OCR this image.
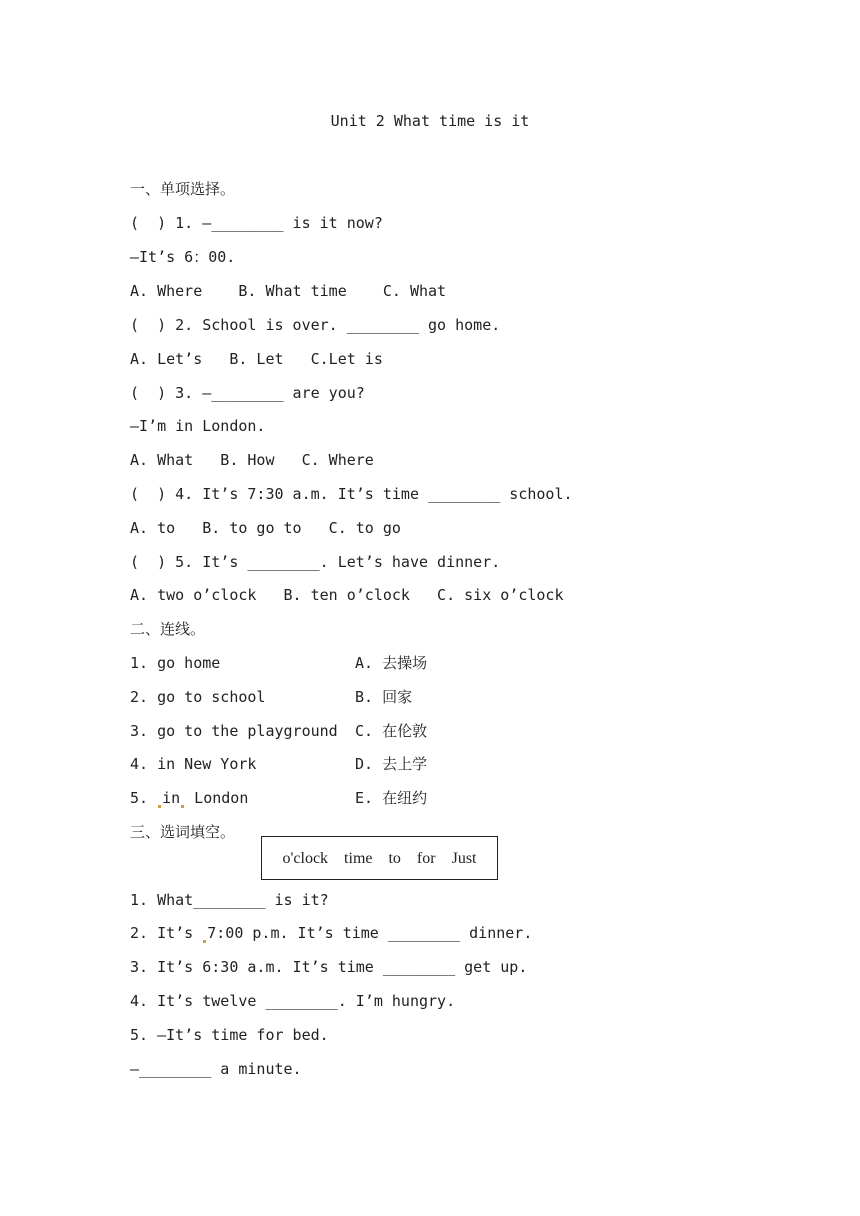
Unit 2 What time is it
一、单项选择。
(  ) 1. —________ is it now?
—It’s 6：00.
A. Where    B. What time    C. What
(  ) 2. School is over. ________ go home.
A. Let’s   B. Let   C.Let is
(  ) 3. —________ are you?
—I’m in London.
A. What   B. How   C. Where
(  ) 4. It’s 7:30 a.m. It’s time ________ school.
A. to   B. to go to   C. to go
(  ) 5. It’s ________. Let’s have dinner.
A. two o’clock   B. ten o’clock   C. six o’clock
二、连线。
1. go home
2. go to school
3. go to the playground
4. in New York
5. in London
A. 去操场
B. 回家
C. 在伦敦
D. 去上学
E. 在纽约
三、选词填空。
o'clock    time    to    for    Just
1. What________ is it?
2. It’s 7:00 p.m. It’s time ________ dinner.
3. It’s 6:30 a.m. It’s time ________ get up.
4. It’s twelve ________. I’m hungry.
5. —It’s time for bed.
—________ a minute.
